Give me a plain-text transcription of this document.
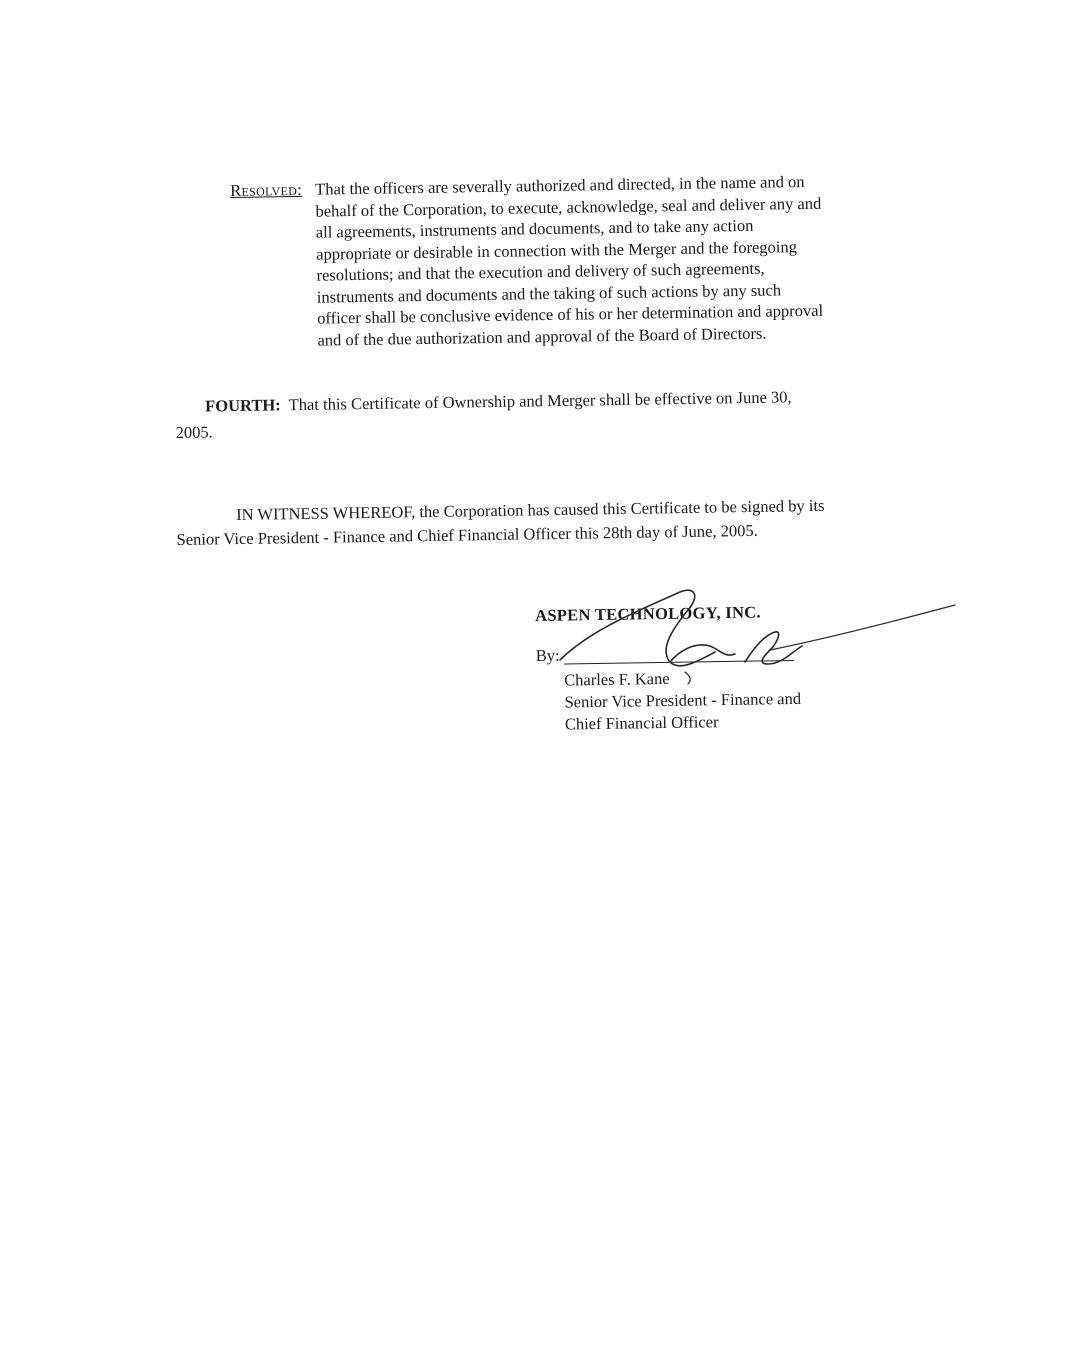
Resolved: That the officers are severally authorized and directed, in the name and on
behalf of the Corporation, to execute, acknowledge, seal and deliver any and
all agreements, instruments and documents, and to take any action
appropriate or desirable in connection with the Merger and the foregoing
resolutions; and that the execution and delivery of such agreements,
instruments and documents and the taking of such actions by any such
officer shall be conclusive evidence of his or her determination and approval
and of the due authorization and approval of the Board of Directors.
FOURTH: That this Certificate of Ownership and Merger shall be effective on June 30,
2005.
IN WITNESS WHEREOF, the Corporation has caused this Certificate to be signed by its
Senior Vice President - Finance and Chief Financial Officer this 28th day of June, 2005.
ASPEN TECHNOLOGY, INC.
By:
Charles F. Kane
Senior Vice President - Finance and
Chief Financial Officer
